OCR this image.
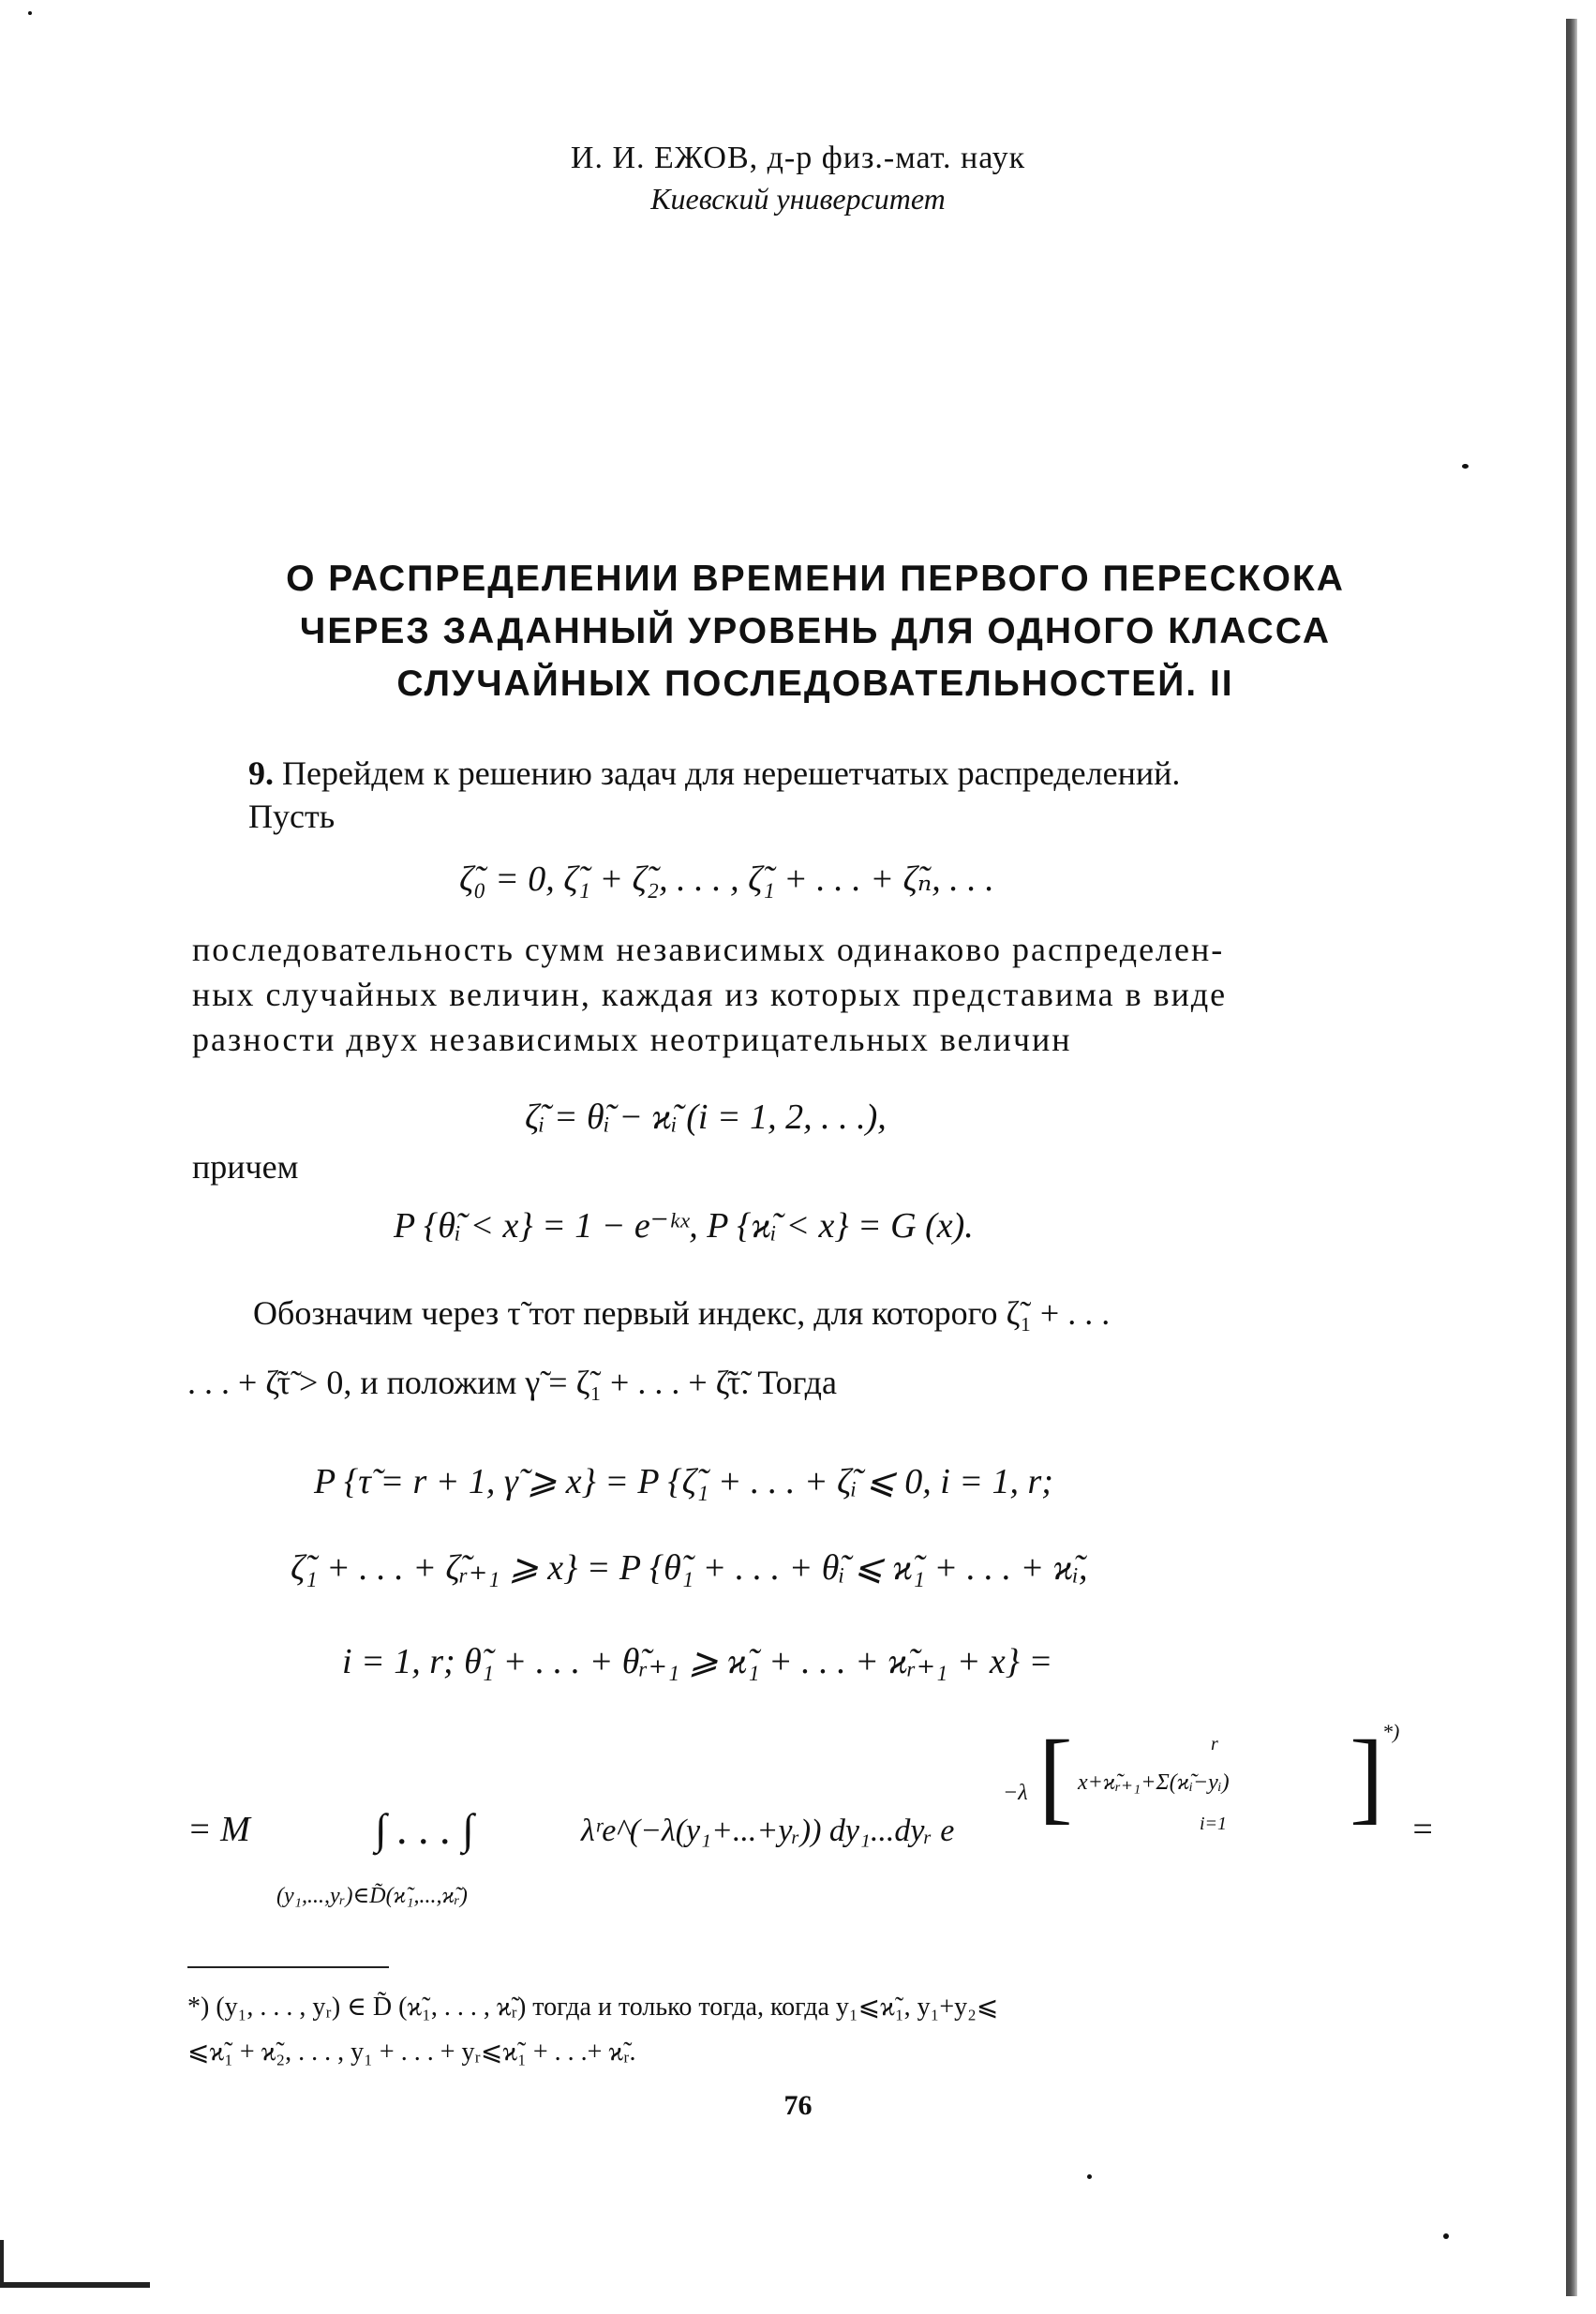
И. И. ЕЖОВ, д-р физ.-мат. наук
Киевский университет
О РАСПРЕДЕЛЕНИИ ВРЕМЕНИ ПЕРВОГО ПЕРЕСКОКА
ЧЕРЕЗ ЗАДАННЫЙ УРОВЕНЬ ДЛЯ ОДНОГО КЛАССА
СЛУЧАЙНЫХ ПОСЛЕДОВАТЕЛЬНОСТЕЙ. II
9. Перейдем к решению задач для нерешетчатых распределений.
Пусть
ζ̃₀ = 0, ζ̃₁ + ζ̃₂, . . . , ζ̃₁ + . . . + ζ̃ₙ, . . .
последовательность сумм независимых одинаково распределен-
ных случайных величин, каждая из которых представима в виде
разности двух независимых неотрицательных величин
ζ̃ᵢ = θ̃ᵢ − ϰ̃ᵢ (i = 1, 2, . . .),
причем
P {θ̃ᵢ < x} = 1 − e⁻ᵏˣ, P {ϰ̃ᵢ < x} = G (x).
Обозначим через τ̃ тот первый индекс, для которого ζ̃₁ + . . .
. . . + ζ̃τ̃ > 0, и положим γ̃ = ζ̃₁ + . . . + ζ̃τ̃. Тогда
P {τ̃ = r + 1, γ̃ ⩾ x} = P {ζ̃₁ + . . . + ζ̃ᵢ ⩽ 0, i = 1, r;
ζ̃₁ + . . . + ζ̃ᵣ₊₁ ⩾ x} = P {θ̃₁ + . . . + θ̃ᵢ ⩽ ϰ̃₁ + . . . + ϰ̃ᵢ,
i = 1, r; θ̃₁ + . . . + θ̃ᵣ₊₁ ⩾ ϰ̃₁ + . . . + ϰ̃ᵣ₊₁ + x} =
= M	∫ . . . ∫	λʳe^(−λ(y₁+...+yᵣ)) dy₁...dyᵣ e
−λ [ x+ϰ̃ᵣ₊₁+Σ(ϰ̃ᵢ−yᵢ)
r
i=1 ]
*)
=
(y₁,...,yᵣ)∈D̃(ϰ̃₁,...,ϰ̃ᵣ)
*) (y₁, . . . , yᵣ) ∈ D̃ (ϰ̃₁, . . . , ϰ̃ᵣ) тогда и только тогда, когда y₁⩽ϰ̃₁, y₁+y₂⩽
⩽ϰ̃₁ + ϰ̃₂, . . . , y₁ + . . . + yᵣ⩽ϰ̃₁ + . . .+ ϰ̃ᵣ.
76
